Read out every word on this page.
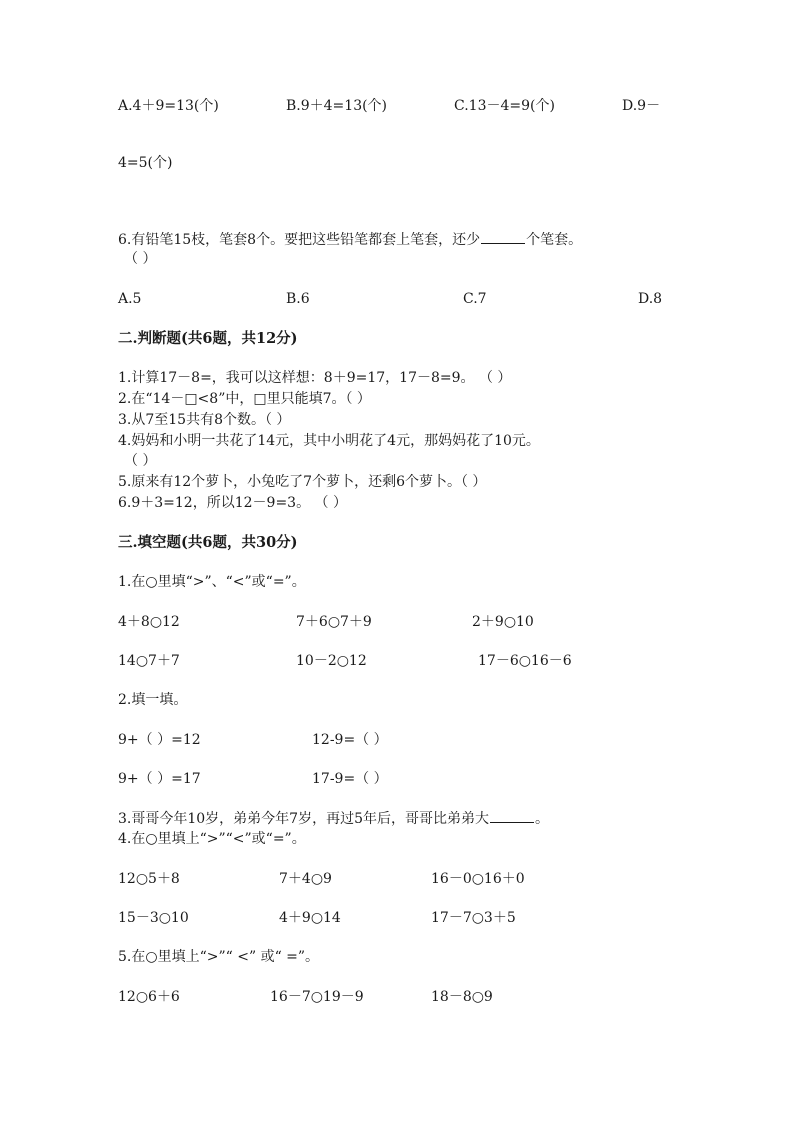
A.4＋9=13(个)	B.9＋4=13(个)	C.13－4=9(个)	D.9－
4=5(个)
6.有铅笔15枝，笔套8个。要把这些铅笔都套上笔套，还少	个笔套。
（ ）
A.5	B.6	C.7	D.8
二.判断题(共6题，共12分)
1.计算17－8=，我可以这样想：8＋9=17，17－8=9。 （ ）
2.在“14－□<8”中，□里只能填7。（ ）
3.从7至15共有8个数。（ ）
4.妈妈和小明一共花了14元，其中小明花了4元，那妈妈花了10元。
（ ）
5.原来有12个萝卜，小兔吃了7个萝卜，还剩6个萝卜。（ ）
6.9＋3=12，所以12－9=3。 （ ）
三.填空题(共6题，共30分)
1.在○里填“>”、“<”或“=”。
4＋8○12	7＋6○7＋9	2＋9○10
14○7＋7	10－2○12	17－6○16－6
2.填一填。
9+（ ）=12	12-9=（ ）
9+（ ）=17	17-9=（ ）
3.哥哥今年10岁，弟弟今年7岁，再过5年后，哥哥比弟弟大	。
4.在○里填上“>”“<”或“=”。
12○5＋8	7＋4○9	16－0○16＋0
15－3○10	4＋9○14	17－7○3＋5
5.在○里填上“>”“ <” 或“ =”。
12○6＋6	16－7○19－9	18－8○9
